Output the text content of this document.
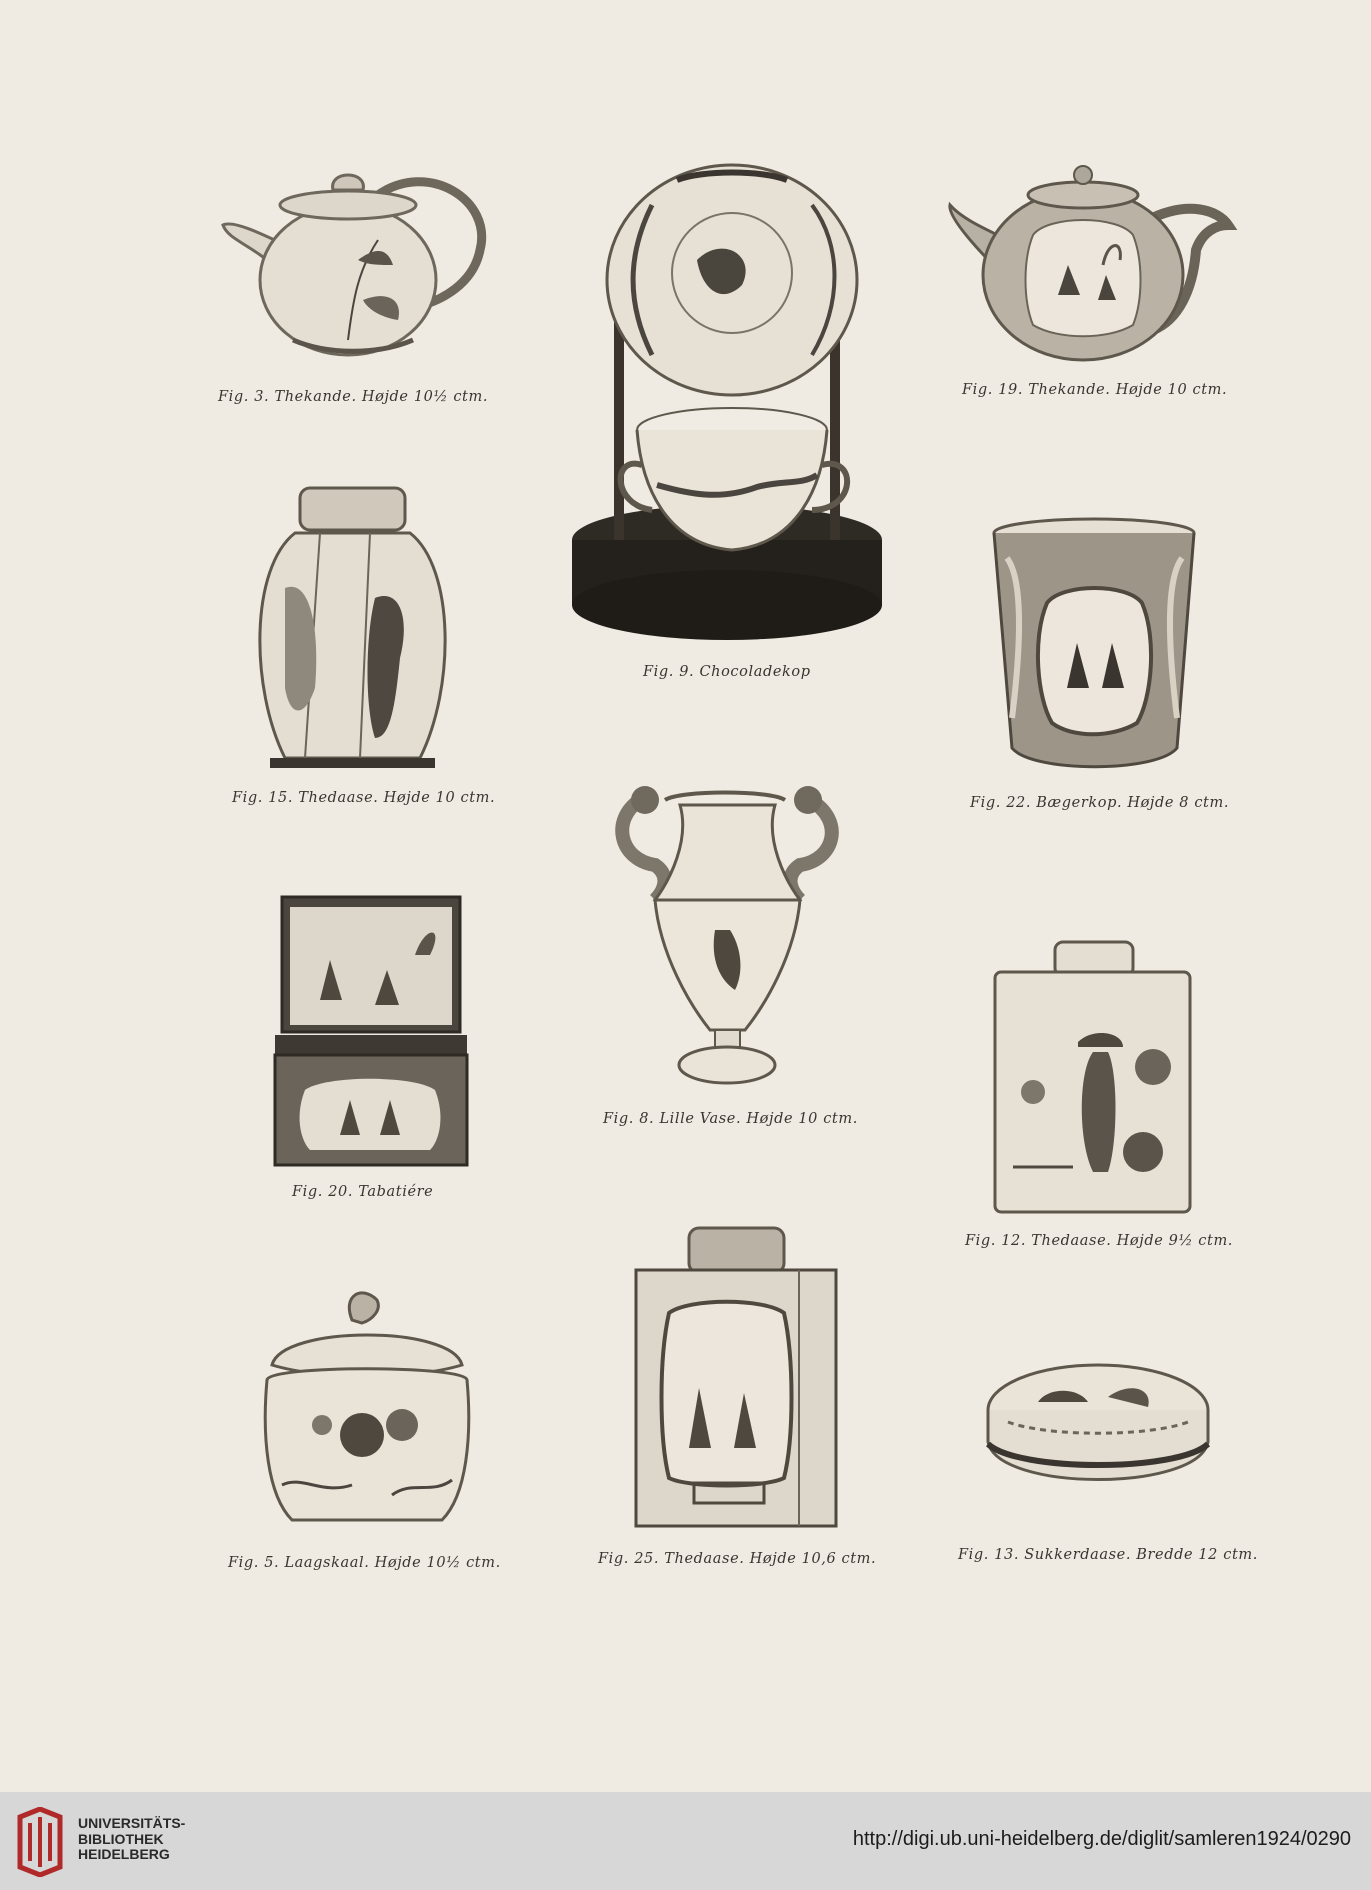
Fig. 3. Thekande. Højde 10½ ctm.
Fig. 9. Chocoladekop
Fig. 19. Thekande. Højde 10 ctm.
Fig. 15. Thedaase. Højde 10 ctm.	Fig. 22. Bægerkop. Højde 8 ctm.
Fig. 8. Lille Vase. Højde 10 ctm.
Fig. 20. Tabatiére
Fig. 12. Thedaase. Højde 9½ ctm.
Fig. 5. Laagskaal. Højde 10½ ctm.	Fig. 25. Thedaase. Højde 10,6 ctm.	Fig. 13. Sukkerdaase. Bredde 12 ctm.
UNIVERSITÄTS-
BIBLIOTHEK
HEIDELBERG
http://digi.ub.uni-heidelberg.de/diglit/samleren1924/0290
